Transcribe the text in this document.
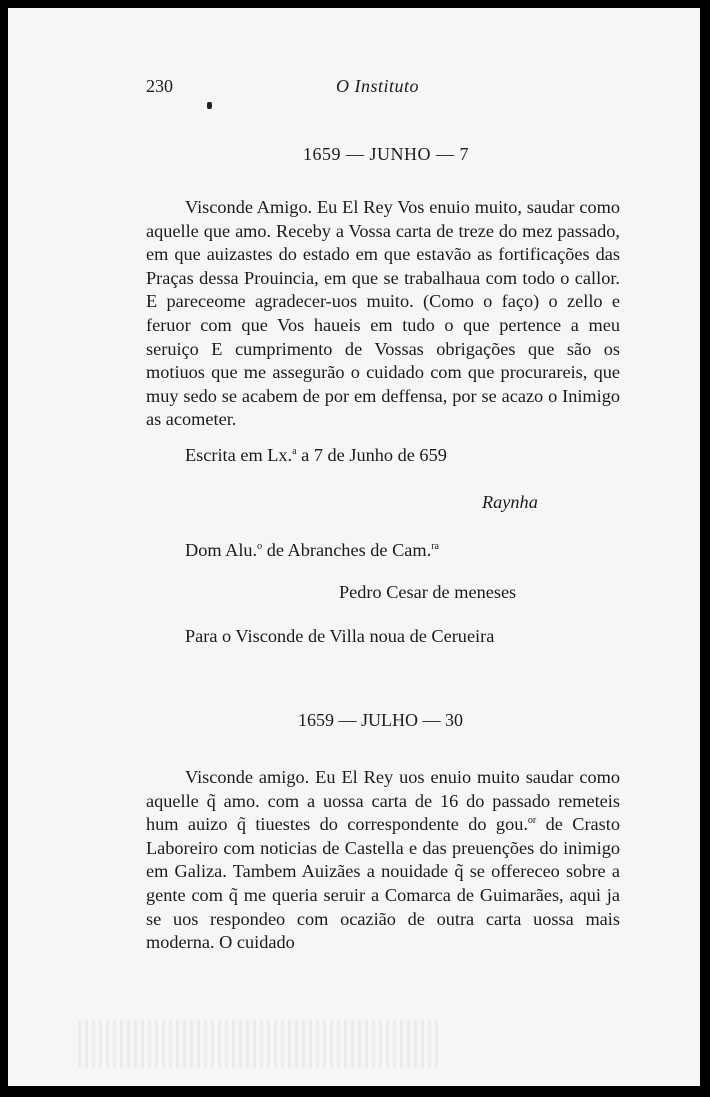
230	O Instituto
1659 — JUNHO — 7

Visconde Amigo. Eu El Rey Vos enuio muito, saudar como aquelle que amo. Receby a Vossa carta de treze do mez passado, em que auizastes do estado em que estavão as fortificações das Praças dessa Prouincia, em que se trabalhaua com todo o callor. E pareceome agradecer-uos muito. (Como o faço) o zello e feruor com que Vos haueis em tudo o que pertence a meu seruiço E cumprimento de Vossas obrigações que são os motiuos que me assegurão o cuidado com que procurareis, que muy sedo se acabem de por em deffensa, por se acazo o Inimigo as acometer.

Escrita em Lx.$^a$ a 7 de Junho de 659
Raynha
Dom Alu.$^o$ de Abranches de Cam.$^{ra}$
Pedro Cesar de meneses
Para o Visconde de Villa noua de Cerueira
1659 — JULHO — 30

Visconde amigo. Eu El Rey uos enuio muito saudar como aquelle q̃ amo. com a uossa carta de 16 do passado remeteis hum auizo q̃ tiuestes do correspondente do gou.$^{or}$ de Crasto Laboreiro com noticias de Castella e das preuenções do inimigo em Galiza. Tambem Auizães a nouidade q̃ se offereceo sobre a gente com q̃ me queria seruir a Comarca de Guimarães, aqui ja se uos respondeo com ocazião de outra carta uossa mais moderna. O cuidado
